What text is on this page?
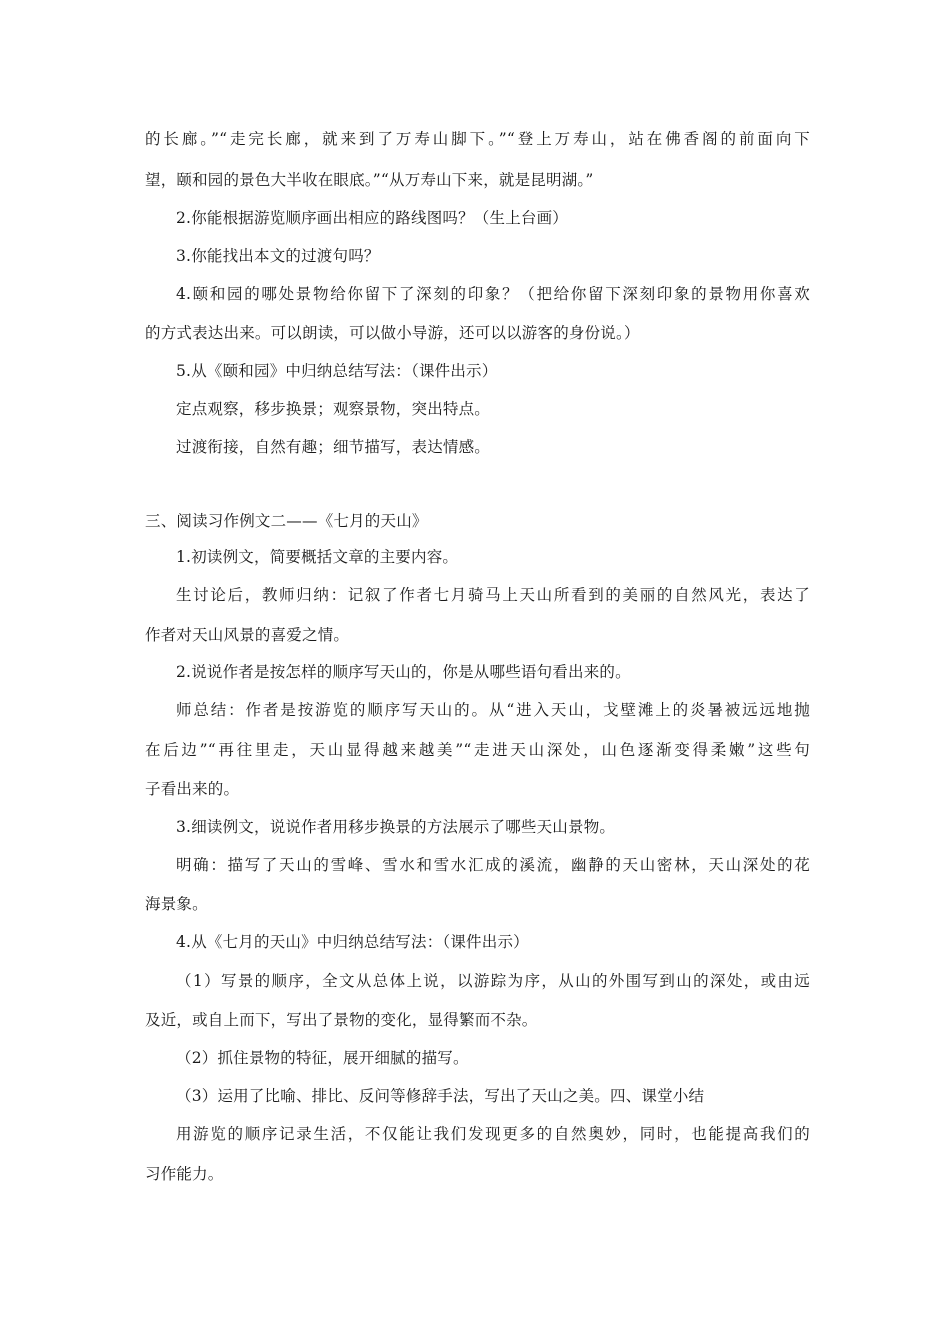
的长廊。”“走完长廊，就来到了万寿山脚下。”“登上万寿山，站在佛香阁的前面向下
望，颐和园的景色大半收在眼底。”“从万寿山下来，就是昆明湖。”
2.你能根据游览顺序画出相应的路线图吗？（生上台画）
3.你能找出本文的过渡句吗？
4.颐和园的哪处景物给你留下了深刻的印象？（把给你留下深刻印象的景物用你喜欢
的方式表达出来。可以朗读，可以做小导游，还可以以游客的身份说。）
5.从《颐和园》中归纳总结写法：（课件出示）
定点观察，移步换景；观察景物，突出特点。
过渡衔接，自然有趣；细节描写，表达情感。
三、阅读习作例文二——《七月的天山》
1.初读例文，简要概括文章的主要内容。
生讨论后，教师归纳：记叙了作者七月骑马上天山所看到的美丽的自然风光，表达了
作者对天山风景的喜爱之情。
2.说说作者是按怎样的顺序写天山的，你是从哪些语句看出来的。
师总结：作者是按游览的顺序写天山的。从“进入天山，戈壁滩上的炎暑被远远地抛
在后边”“再往里走，天山显得越来越美”“走进天山深处，山色逐渐变得柔嫩”这些句
子看出来的。
3.细读例文，说说作者用移步换景的方法展示了哪些天山景物。
明确：描写了天山的雪峰、雪水和雪水汇成的溪流，幽静的天山密林，天山深处的花
海景象。
4.从《七月的天山》中归纳总结写法：（课件出示）
（1）写景的顺序，全文从总体上说，以游踪为序，从山的外围写到山的深处，或由远
及近，或自上而下，写出了景物的变化，显得繁而不杂。
（2）抓住景物的特征，展开细腻的描写。
（3）运用了比喻、排比、反问等修辞手法，写出了天山之美。四、课堂小结
用游览的顺序记录生活，不仅能让我们发现更多的自然奥妙，同时，也能提高我们的
习作能力。
